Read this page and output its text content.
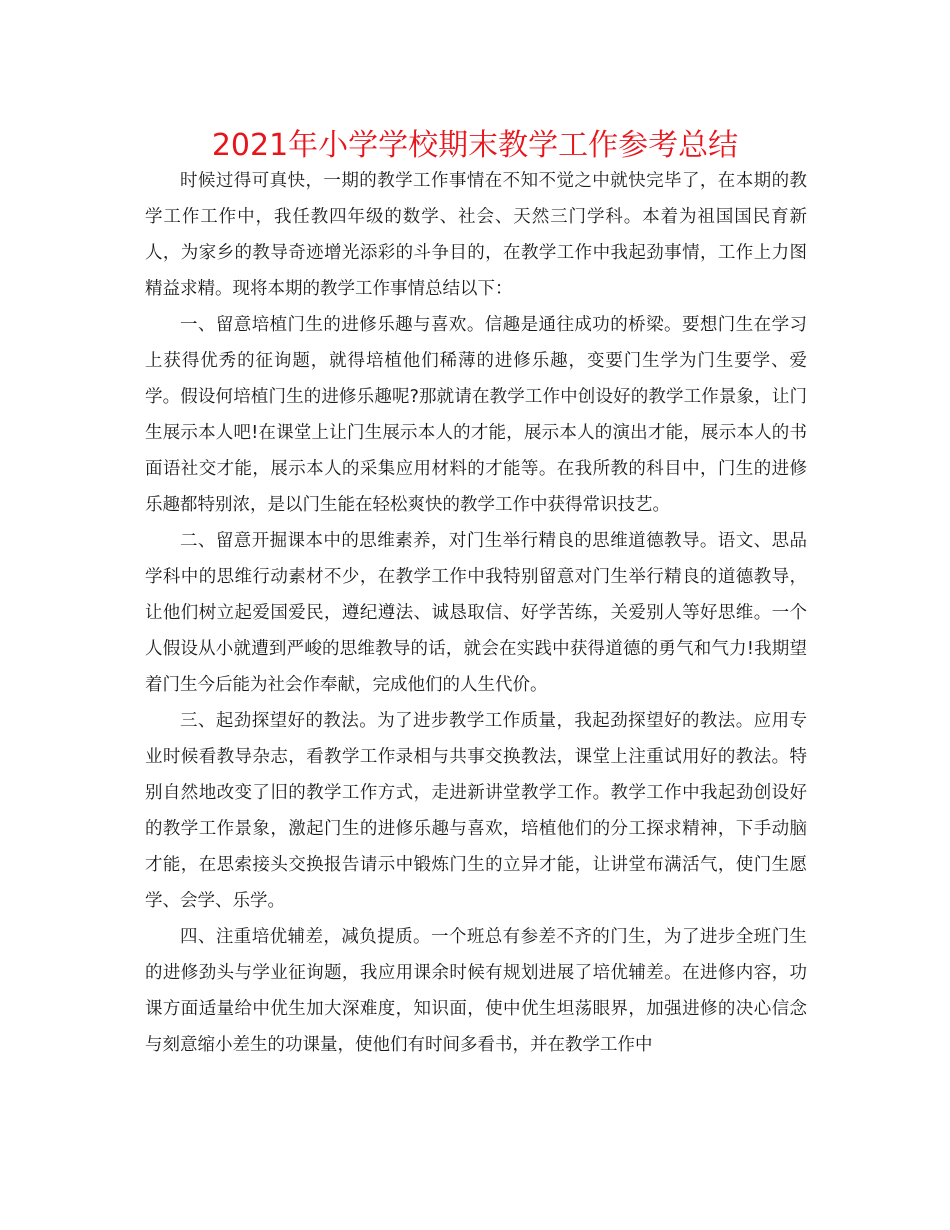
2021年小学学校期末教学工作参考总结

时候过得可真快，一期的教学工作事情在不知不觉之中就快完毕了，在本期的教学工作工作中，我任教四年级的数学、社会、天然三门学科。本着为祖国国民育新人，为家乡的教导奇迹增光添彩的斗争目的，在教学工作中我起劲事情，工作上力图精益求精。现将本期的教学工作事情总结以下：

一、留意培植门生的进修乐趣与喜欢。信趣是通往成功的桥梁。要想门生在学习上获得优秀的征询题，就得培植他们稀薄的进修乐趣，变要门生学为门生要学、爱学。假设何培植门生的进修乐趣呢?那就请在教学工作中创设好的教学工作景象，让门生展示本人吧!在课堂上让门生展示本人的才能，展示本人的演出才能，展示本人的书面语社交才能，展示本人的采集应用材料的才能等。在我所教的科目中，门生的进修乐趣都特别浓，是以门生能在轻松爽快的教学工作中获得常识技艺。

二、留意开掘课本中的思维素养，对门生举行精良的思维道德教导。语文、思品学科中的思维行动素材不少，在教学工作中我特别留意对门生举行精良的道德教导，让他们树立起爱国爱民，遵纪遵法、诚恳取信、好学苦练，关爱别人等好思维。一个人假设从小就遭到严峻的思维教导的话，就会在实践中获得道德的勇气和气力!我期望着门生今后能为社会作奉献，完成他们的人生代价。

三、起劲探望好的教法。为了进步教学工作质量，我起劲探望好的教法。应用专业时候看教导杂志，看教学工作录相与共事交换教法，课堂上注重试用好的教法。特别自然地改变了旧的教学工作方式，走进新讲堂教学工作。教学工作中我起劲创设好的教学工作景象，激起门生的进修乐趣与喜欢，培植他们的分工探求精神，下手动脑才能，在思索接头交换报告请示中锻炼门生的立异才能，让讲堂布满活气，使门生愿学、会学、乐学。

四、注重培优辅差，减负提质。一个班总有参差不齐的门生，为了进步全班门生的进修劲头与学业征询题，我应用课余时候有规划进展了培优辅差。在进修内容，功课方面适量给中优生加大深难度，知识面，使中优生坦荡眼界，加强进修的决心信念与刻意缩小差生的功课量，使他们有时间多看书，并在教学工作中
